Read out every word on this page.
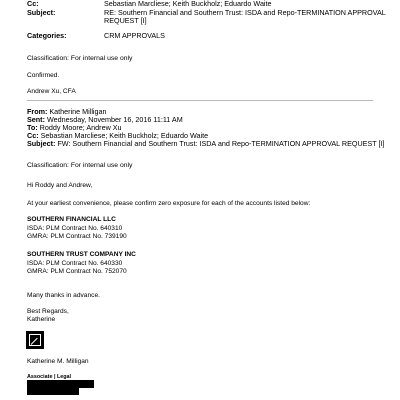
Cc:	Sebastian Marcliese; Keith Buckholz; Eduardo Waite
Subject:	RE: Southern Financial and Southern Trust: ISDA and Repo-TERMINATION APPROVAL
REQUEST [I]
Categories:	CRM APPROVALS
Classification: For internal use only
Confirmed.
Andrew Xu, CFA
From: Katherine Milligan
Sent: Wednesday, November 16, 2016 11:11 AM
To: Roddy Moore; Andrew Xu
Cc: Sebastian Marcliese; Keith Buckholz; Eduardo Waite
Subject: FW: Southern Financial and Southern Trust: ISDA and Repo-TERMINATION APPROVAL REQUEST [I]
Classification: For internal use only
Hi Roddy and Andrew,
At your earliest convenience, please confirm zero exposure for each of the accounts listed below:
SOUTHERN FINANCIAL LLC
ISDA: PLM Contract No. 640310
GMRA: PLM Contract No. 739190
SOUTHERN TRUST COMPANY INC
ISDA: PLM Contract No. 640330
GMRA: PLM Contract No. 752070
Many thanks in advance.
Best Regards,
Katherine
Katherine M. Milligan
Associate | Legal
